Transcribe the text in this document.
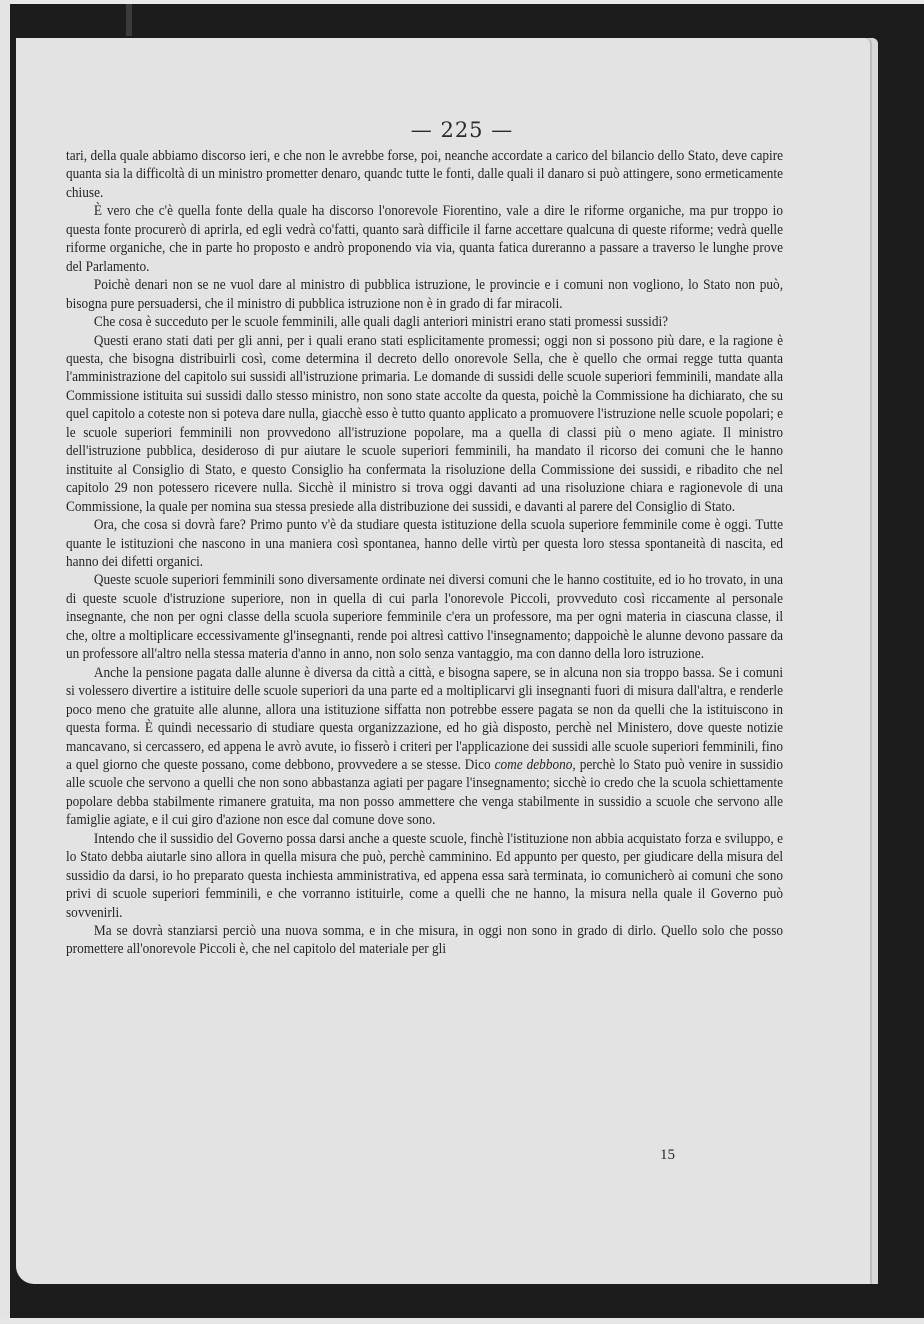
— 225 —

tari, della quale abbiamo discorso ieri, e che non le avrebbe forse, poi, neanche accordate a carico del bilancio dello Stato, deve capire quanta sia la difficoltà di un ministro prometter denaro, quandc tutte le fonti, dalle quali il danaro si può attingere, sono ermeticamente chiuse.

È vero che c'è quella fonte della quale ha discorso l'onorevole Fiorentino, vale a dire le riforme organiche, ma pur troppo io questa fonte procurerò di aprirla, ed egli vedrà co'fatti, quanto sarà difficile il farne accettare qualcuna di queste riforme; vedrà quelle riforme organiche, che in parte ho proposto e andrò proponendo via via, quanta fatica dureranno a passare a traverso le lunghe prove del Parlamento.

Poichè denari non se ne vuol dare al ministro di pubblica istruzione, le provincie e i comuni non vogliono, lo Stato non può, bisogna pure persuadersi, che il ministro di pubblica istruzione non è in grado di far miracoli.

Che cosa è succeduto per le scuole femminili, alle quali dagli anteriori ministri erano stati promessi sussidi?

Questi erano stati dati per gli anni, per i quali erano stati esplicitamente promessi; oggi non si possono più dare, e la ragione è questa, che bisogna distribuirli così, come determina il decreto dello onorevole Sella, che è quello che ormai regge tutta quanta l'amministrazione del capitolo sui sussidi all'istruzione primaria. Le domande di sussidi delle scuole superiori femminili, mandate alla Commissione istituita sui sussidi dallo stesso ministro, non sono state accolte da questa, poichè la Commissione ha dichiarato, che su quel capitolo a coteste non si poteva dare nulla, giacchè esso è tutto quanto applicato a promuovere l'istruzione nelle scuole popolari; e le scuole superiori femminili non provvedono all'istruzione popolare, ma a quella di classi più o meno agiate. Il ministro dell'istruzione pubblica, desideroso di pur aiutare le scuole superiori femminili, ha mandato il ricorso dei comuni che le hanno instituite al Consiglio di Stato, e questo Consiglio ha confermata la risoluzione della Commissione dei sussidi, e ribadito che nel capitolo 29 non potessero ricevere nulla. Sicchè il ministro si trova oggi davanti ad una risoluzione chiara e ragionevole di una Commissione, la quale per nomina sua stessa presiede alla distribuzione dei sussidi, e davanti al parere del Consiglio di Stato.

Ora, che cosa si dovrà fare? Primo punto v'è da studiare questa istituzione della scuola superiore femminile come è oggi. Tutte quante le istituzioni che nascono in una maniera così spontanea, hanno delle virtù per questa loro stessa spontaneità di nascita, ed hanno dei difetti organici.

Queste scuole superiori femminili sono diversamente ordinate nei diversi comuni che le hanno costituite, ed io ho trovato, in una di queste scuole d'istruzione superiore, non in quella di cui parla l'onorevole Piccoli, provveduto così riccamente al personale insegnante, che non per ogni classe della scuola superiore femminile c'era un professore, ma per ogni materia in ciascuna classe, il che, oltre a moltiplicare eccessivamente gl'insegnanti, rende poi altresì cattivo l'insegnamento; dappoichè le alunne devono passare da un professore all'altro nella stessa materia d'anno in anno, non solo senza vantaggio, ma con danno della loro istruzione.

Anche la pensione pagata dalle alunne è diversa da città a città, e bisogna sapere, se in alcuna non sia troppo bassa. Se i comuni si volessero divertire a istituire delle scuole superiori da una parte ed a moltiplicarvi gli insegnanti fuori di misura dall'altra, e renderle poco meno che gratuite alle alunne, allora una istituzione siffatta non potrebbe essere pagata se non da quelli che la istituiscono in questa forma. È quindi necessario di studiare questa organizzazione, ed ho già disposto, perchè nel Ministero, dove queste notizie mancavano, si cercassero, ed appena le avrò avute, io fisserò i criteri per l'applicazione dei sussidi alle scuole superiori femminili, fino a quel giorno che queste possano, come debbono, provvedere a se stesse. Dico come debbono, perchè lo Stato può venire in sussidio alle scuole che servono a quelli che non sono abbastanza agiati per pagare l'insegnamento; sicchè io credo che la scuola schiettamente popolare debba stabilmente rimanere gratuita, ma non posso ammettere che venga stabilmente in sussidio a scuole che servono alle famiglie agiate, e il cui giro d'azione non esce dal comune dove sono.

Intendo che il sussidio del Governo possa darsi anche a queste scuole, finchè l'istituzione non abbia acquistato forza e sviluppo, e lo Stato debba aiutarle sino allora in quella misura che può, perchè camminino. Ed appunto per questo, per giudicare della misura del sussidio da darsi, io ho preparato questa inchiesta amministrativa, ed appena essa sarà terminata, io comunicherò ai comuni che sono privi di scuole superiori femminili, e che vorranno istituirle, come a quelli che ne hanno, la misura nella quale il Governo può sovvenirli.

Ma se dovrà stanziarsi perciò una nuova somma, e in che misura, in oggi non sono in grado di dirlo. Quello solo che posso promettere all'onorevole Piccoli è, che nel capitolo del materiale per gli

15
